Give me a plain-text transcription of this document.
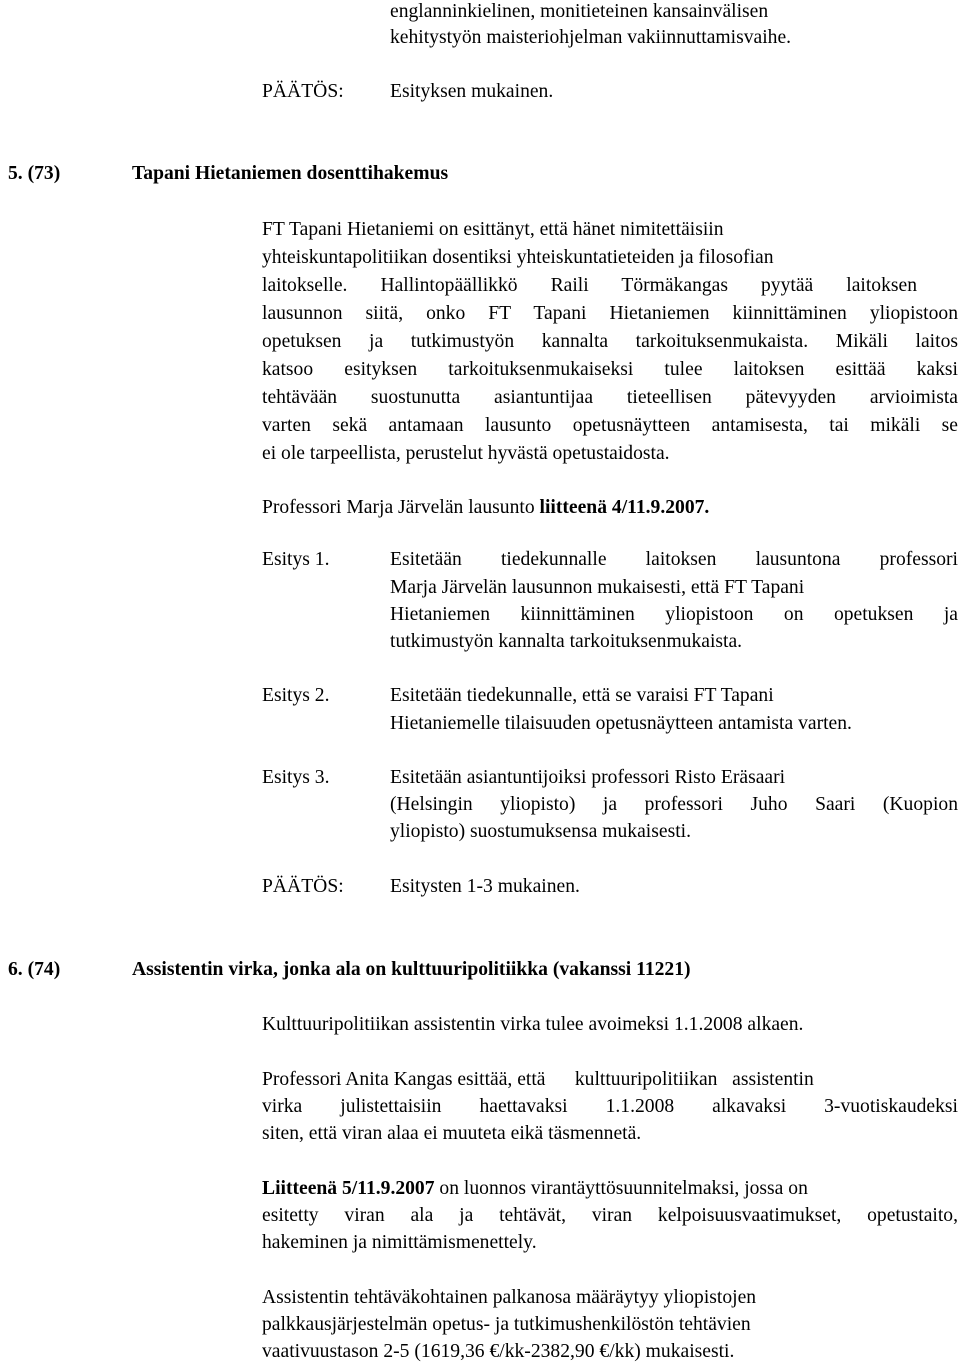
englanninkielinen, monitieteinen kansainvälisen
kehitystyön maisteriohjelman vakiinnuttamisvaihe.
PÄÄTÖS: Esityksen mukainen.
5. (73)	Tapani Hietaniemen dosenttihakemus
FT Tapani Hietaniemi on esittänyt, että hänet nimitettäisiin
yhteiskuntapolitiikan dosentiksi yhteiskuntatieteiden ja filosofian
laitokselle. Hallintopäällikkö Raili Törmäkangas pyytää laitoksen
lausunnon siitä, onko FT Tapani Hietaniemen kiinnittäminen yliopistoon
opetuksen ja tutkimustyön kannalta tarkoituksenmukaista. Mikäli laitos
katsoo esityksen tarkoituksenmukaiseksi tulee laitoksen esittää kaksi
tehtävään suostunutta asiantuntijaa tieteellisen pätevyyden arvioimista
varten sekä antamaan lausunto opetusnäytteen antamisesta, tai mikäli se
ei ole tarpeellista, perustelut hyvästä opetustaidosta.
Professori Marja Järvelän lausunto liitteenä 4/11.9.2007.
Esitys 1.	Esitetään tiedekunnalle laitoksen lausuntona professori
Marja Järvelän lausunnon mukaisesti, että FT Tapani
Hietaniemen kiinnittäminen yliopistoon on opetuksen ja
tutkimustyön kannalta tarkoituksenmukaista.
Esitys 2.	Esitetään tiedekunnalle, että se varaisi FT Tapani
Hietaniemelle tilaisuuden opetusnäytteen antamista varten.
Esitys 3.	Esitetään asiantuntijoiksi professori Risto Eräsaari
(Helsingin yliopisto) ja professori Juho Saari (Kuopion
yliopisto) suostumuksensa mukaisesti.
PÄÄTÖS: Esitysten 1-3 mukainen.
6. (74)	Assistentin virka, jonka ala on kulttuuripolitiikka (vakanssi 11221)
Kulttuuripolitiikan assistentin virka tulee avoimeksi 1.1.2008 alkaen.
Professori Anita Kangas esittää, että      kulttuuripolitiikan   assistentin
virka julistettaisiin haettavaksi 1.1.2008 alkavaksi 3-vuotiskaudeksi
siten, että viran alaa ei muuteta eikä täsmennetä.
Liitteenä 5/11.9.2007 on luonnos virantäyttösuunnitelmaksi, jossa on
esitetty viran ala ja tehtävät, viran kelpoisuusvaatimukset, opetustaito,
hakeminen ja nimittämismenettely.
Assistentin tehtäväkohtainen palkanosa määräytyy yliopistojen
palkkausjärjestelmän opetus- ja tutkimushenkilöstön tehtävien
vaativuustason 2-5 (1619,36 €/kk-2382,90 €/kk) mukaisesti.
